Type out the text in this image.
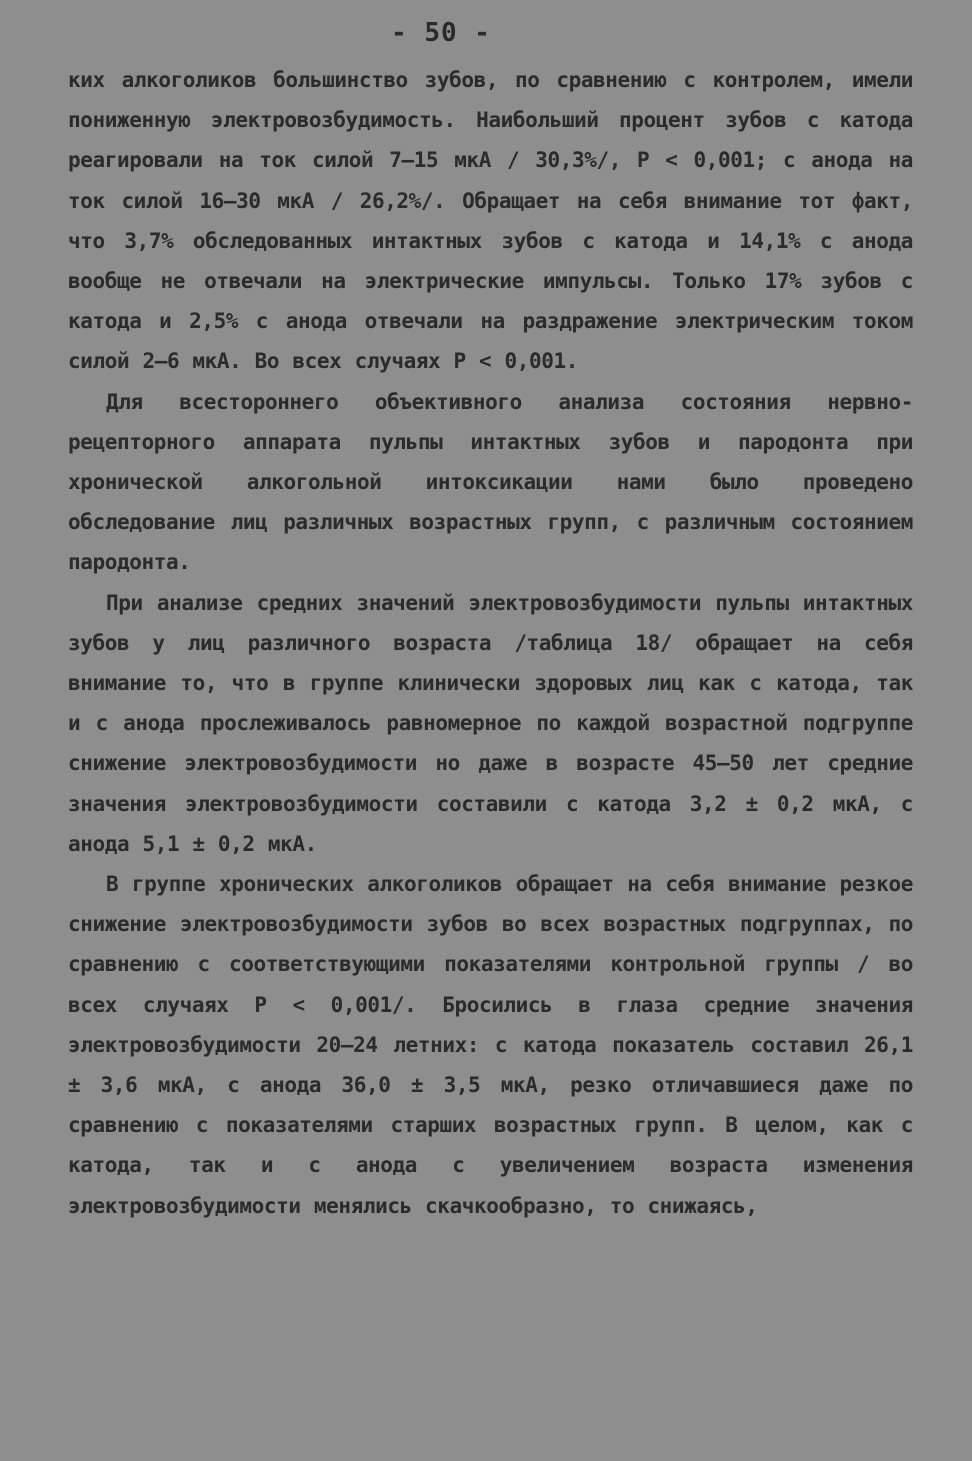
- 50 -

ких алкоголиков большинство зубов, по сравнению с контролем, имели пониженную электровозбудимость. Наибольший процент зубов с катода реагировали на ток силой 7–15 мкА / 30,3%/, Р < 0,001; с анода на ток силой 16–30 мкА / 26,2%/. Обращает на себя внимание тот факт, что 3,7% обследованных интактных зубов с катода и 14,1% с анода вообще не отвечали на электрические импульсы. Только 17% зубов с катода и 2,5% с анода отвечали на раздражение электрическим током силой 2–6 мкА. Во всех случаях Р < 0,001.

Для всестороннего объективного анализа состояния нервно-рецепторного аппарата пульпы интактных зубов и пародонта при хронической алкогольной интоксикации нами было проведено обследование лиц различных возрастных групп, с различным состоянием пародонта.

При анализе средних значений электровозбудимости пульпы интактных зубов у лиц различного возраста /таблица 18/ обращает на себя внимание то, что в группе клинически здоровых лиц как с катода, так и с анода прослеживалось равномерное по каждой возрастной подгруппе снижение электровозбудимости но даже в возрасте 45–50 лет средние значения электровозбудимости составили с катода 3,2 ± 0,2 мкА, с анода 5,1 ± 0,2 мкА.

В группе хронических алкоголиков обращает на себя внимание резкое снижение электровозбудимости зубов во всех возрастных подгруппах, по сравнению с соответствующими показателями контрольной группы / во всех случаях Р < 0,001/. Бросились в глаза средние значения электровозбудимости 20–24 летних: с катода показатель составил 26,1 ± 3,6 мкА, с анода 36,0 ± 3,5 мкА, резко отличавшиеся даже по сравнению с показателями старших возрастных групп. В целом, как с катода, так и с анода с увеличением возраста изменения электровозбудимости менялись скачкообразно, то снижаясь,
